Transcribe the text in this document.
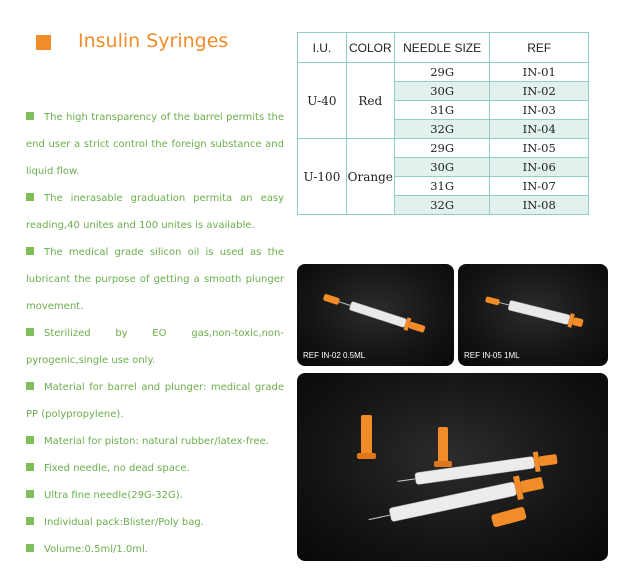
Insulin Syringes
The high transparency of the barrel permits the end user a strict control the foreign substance and liquid flow.
The inerasable graduation permita an easy reading,40 unites and 100 unites is available.
The medical grade silicon oil is used as the lubricant the purpose of getting a smooth plunger movement.
Sterilized by EO gas,non-toxic,non-pyrogenic,single use only.
Material for barrel and plunger: medical grade PP (polypropylene).
Material for piston: natural rubber/latex-free.
Fixed needle, no dead space.
Ultra fine needle(29G-32G).
Individual pack:Blister/Poly bag.
Volume:0.5ml/1.0ml.
I.U.	COLOR	NEEDLE SIZE	REF
U-40	Red	29G	IN-01
		30G	IN-02
		31G	IN-03
		32G	IN-04
U-100	Orange	29G	IN-05
		30G	IN-06
		31G	IN-07
		32G	IN-08
REF IN-02 0.5ML	REF IN-05 1ML
